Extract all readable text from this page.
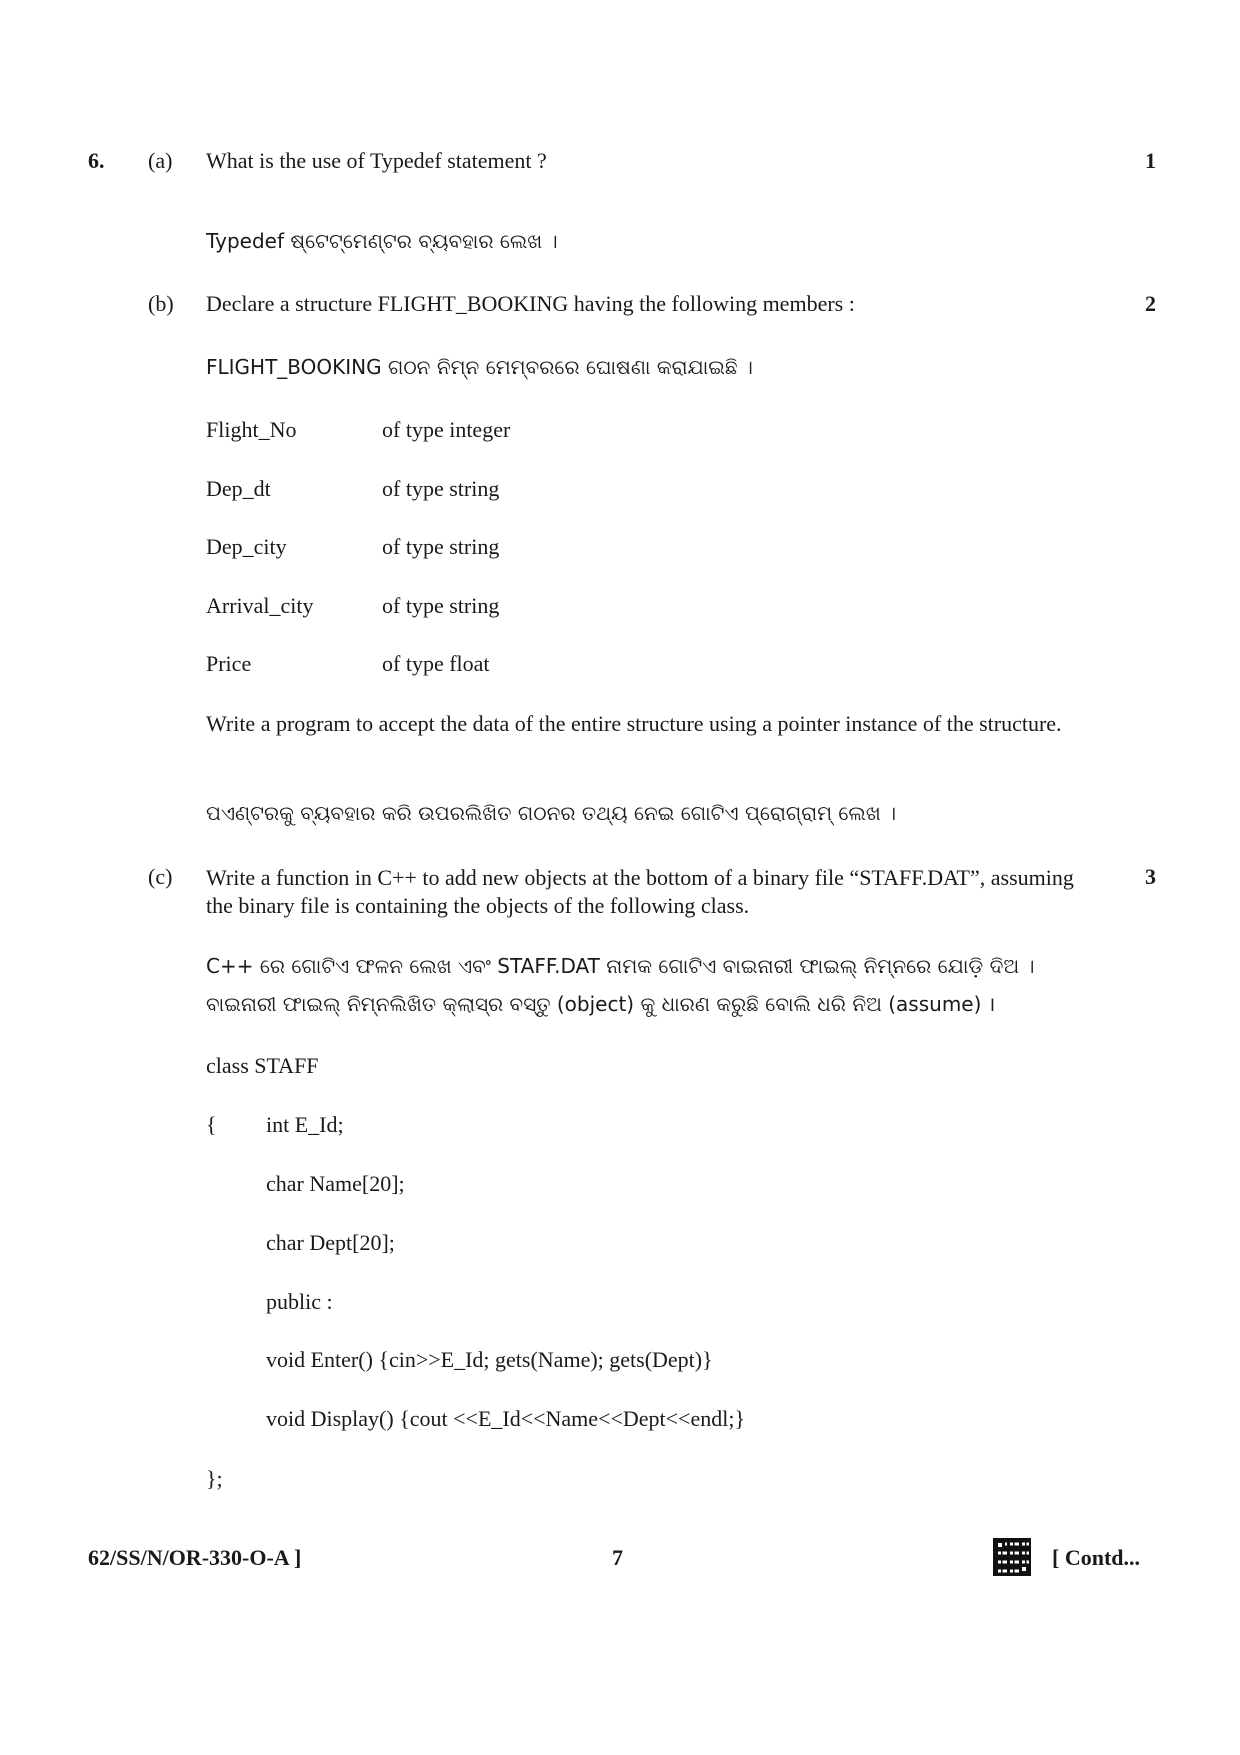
6. (a) What is the use of Typedef statement ?	1
Typedef ଷ୍ଟେଟ୍‌ମେଣ୍ଟର ବ୍ୟବହାର ଲେଖ ।
(b) Declare a structure FLIGHT_BOOKING having the following members :	2
FLIGHT_BOOKING ଗଠନ ନିମ୍ନ ମେମ୍ବରରେ ଘୋଷଣା କରାଯାଇଛି ।
Flight_No	of type integer
Dep_dt	of type string
Dep_city	of type string
Arrival_city	of type string
Price	of type float
Write a program to accept the data of the entire structure using a pointer instance of the structure.
ପଏଣ୍ଟରକୁ ବ୍ୟବହାର କରି ଉପରଲିଖିତ ଗଠନର ତଥ୍ୟ ନେଇ ଗୋଟିଏ ପ୍ରୋଗ୍ରାମ୍ ଲେଖ ।
(c) Write a function in C++ to add new objects at the bottom of a binary file “STAFF.DAT”, assuming the binary file is containing the objects of the following class.
3
C++ ରେ ଗୋଟିଏ ଫଳନ ଲେଖ ଏବଂ STAFF.DAT ନାମକ ଗୋଟିଏ ବାଇନାରୀ ଫାଇଲ୍ ନିମ୍ନରେ ଯୋଡ଼ି ଦିଅ ।
ବାଇନାରୀ ଫାଇଲ୍ ନିମ୍ନଲିଖିତ କ୍ଲାସ୍‌ର ବସ୍ତୁ (object) କୁ ଧାରଣ କରୁଛି ବୋଲି ଧରି ନିଅ (assume) ।
class STAFF
{ int E_Id;
char Name[20];
char Dept[20];
public :
void Enter() {cin>>E_Id; gets(Name); gets(Dept)}
void Display() {cout <<E_Id<<Name<<Dept<<endl;}
};
62/SS/N/OR-330-O-A ]	7	[ Contd...
